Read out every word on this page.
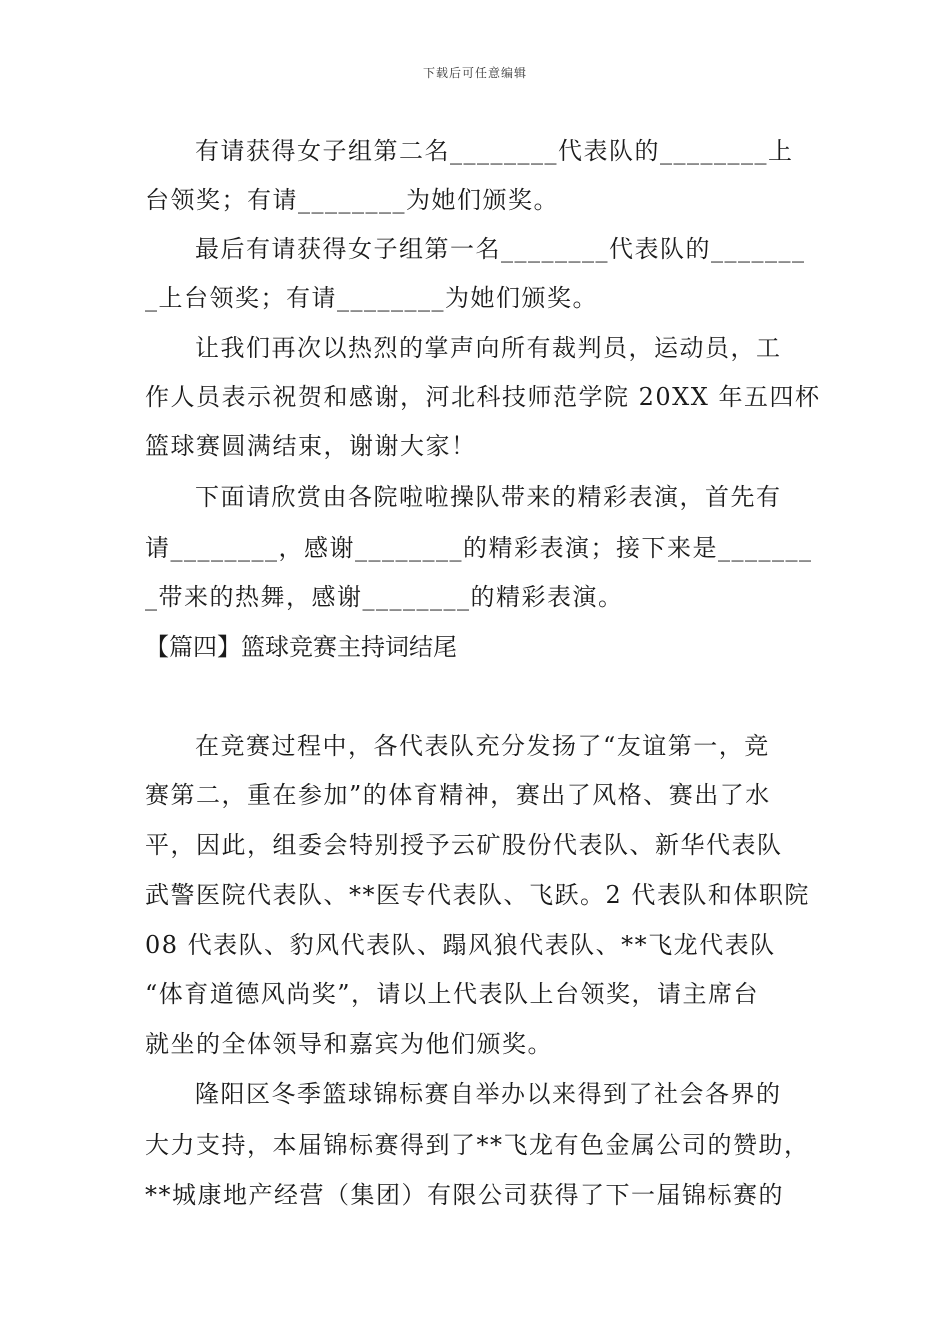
下载后可任意编辑
有请获得女子组第二名________代表队的________上
台领奖；有请________为她们颁奖。
最后有请获得女子组第一名________代表队的_______
_上台领奖；有请________为她们颁奖。
让我们再次以热烈的掌声向所有裁判员，运动员，工
作人员表示祝贺和感谢，河北科技师范学院 20XX 年五四杯
篮球赛圆满结束，谢谢大家！
下面请欣赏由各院啦啦操队带来的精彩表演，首先有
请________，感谢________的精彩表演；接下来是_______
_带来的热舞，感谢________的精彩表演。
【篇四】篮球竞赛主持词结尾
在竞赛过程中，各代表队充分发扬了“友谊第一，竞
赛第二，重在参加”的体育精神，赛出了风格、赛出了水
平，因此，组委会特别授予云矿股份代表队、新华代表队
武警医院代表队、**医专代表队、飞跃。2 代表队和体职院
08 代表队、豹风代表队、蹋风狼代表队、**飞龙代表队
“体育道德风尚奖”，请以上代表队上台领奖，请主席台
就坐的全体领导和嘉宾为他们颁奖。
隆阳区冬季篮球锦标赛自举办以来得到了社会各界的
大力支持，本届锦标赛得到了**飞龙有色金属公司的赞助，
**城康地产经营（集团）有限公司获得了下一届锦标赛的
